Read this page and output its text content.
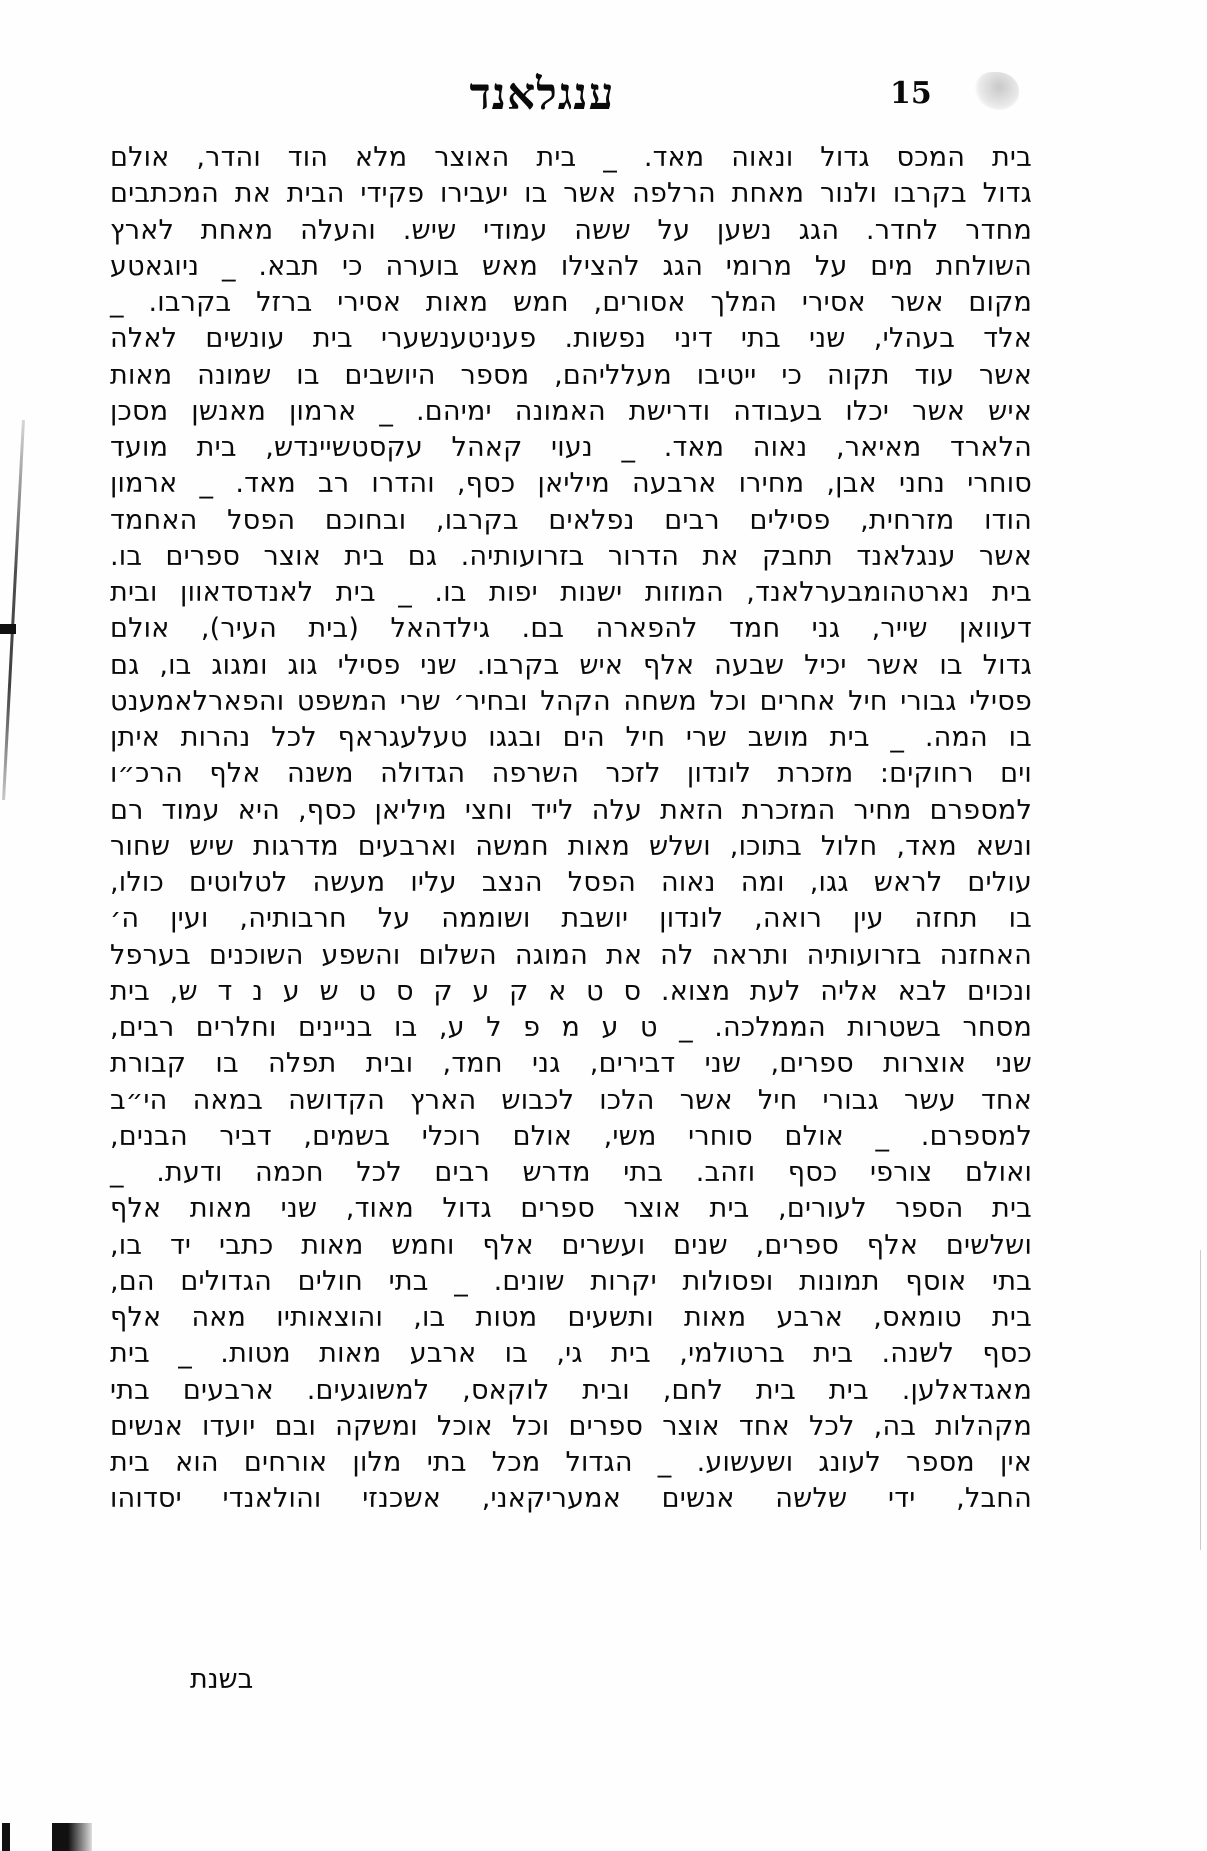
ענגלאנד	15
בית המכס גדול ונאוה מאד. _ בית האוצר מלא הוד והדר, אולם
גדול בקרבו ולנור מאחת הרלפה אשר בו יעבירו פקידי הבית את המכתבים
מחדר לחדר. הגג נשען על ששה עמודי שיש. והעלה מאחת לארץ
השולחת מים על מרומי הגג להצילו מאש בוערה כי תבא. _ ניוגאטע
מקום אשר אסירי המלך אסורים, חמש מאות אסירי ברזל בקרבו. _
אלד בעהלי, שני בתי דיני נפשות. פעניטענשערי בית עונשים לאלה
אשר עוד תקוה כי ייטיבו מעלליהם, מספר היושבים בו שמונה מאות
איש אשר יכלו בעבודה ודרישת האמונה ימיהם. _ ארמון מאנשן מסכן
הלארד מאיאר, נאוה מאד. _ נעוי קאהל עקסטשיינדש, בית מועד
סוחרי נחני אבן, מחירו ארבעה מיליאן כסף, והדרו רב מאד. _ ארמון
הודו מזרחית, פסילים רבים נפלאים בקרבו, ובחוכם הפסל האחמד
אשר ענגלאנד תחבק את הדרור בזרועותיה. גם בית אוצר ספרים בו.
בית נארטהומבערלאנד, המוזות ישנות יפות בו. _ בית לאנדסדאוון ובית
דעוואן שייר, גני חמד להפארה בם. גילדהאל (בית העיר), אולם
גדול בו אשר יכיל שבעה אלף איש בקרבו. שני פסילי גוג ומגוג בו, גם
פסילי גבורי חיל אחרים וכל משחה הקהל ובחיר׳ שרי המשפט והפארלאמענט
בו המה. _ בית מושב שרי חיל הים ובגגו טעלעגראף לכל נהרות איתן
וים רחוקים: מזכרת לונדון לזכר השרפה הגדולה משנה אלף הרכ״ו
למספרם מחיר המזכרת הזאת עלה לייד וחצי מיליאן כסף, היא עמוד רם
ונשא מאד, חלול בתוכו, ושלש מאות חמשה וארבעים מדרגות שיש שחור
עולים לראש גגו, ומה נאוה הפסל הנצב עליו מעשה לטלוטים כולו,
בו תחזה עין רואה, לונדון יושבת ושוממה על חרבותיה, ועין ה׳
האחזנה בזרועותיה ותראה לה את המוגה השלום והשפע השוכנים בערפל
ונכוים לבא אליה לעת מצוא. ס ט א ק ע ק ס ט ש ע נ ד ש, בית
מסחר בשטרות הממלכה. _ ט ע מ פ ל ע, בו בניינים וחלרים רבים,
שני אוצרות ספרים, שני דבירים, גני חמד, ובית תפלה בו קבורת
אחד עשר גבורי חיל אשר הלכו לכבוש הארץ הקדושה במאה הי״ב
למספרם. _ אולם סוחרי משי, אולם רוכלי בשמים, דביר הבנים,
ואולם צורפי כסף וזהב. בתי מדרש רבים לכל חכמה ודעת. _
בית הספר לעורים, בית אוצר ספרים גדול מאוד, שני מאות אלף
ושלשים אלף ספרים, שנים ועשרים אלף וחמש מאות כתבי יד בו,
בתי אוסף תמונות ופסולות יקרות שונים. _ בתי חולים הגדולים הם,
בית טומאס, ארבע מאות ותשעים מטות בו, והוצאותיו מאה אלף
כסף לשנה. בית ברטולמי, בית גי, בו ארבע מאות מטות. _ בית
מאגדאלען. בית בית לחם, ובית לוקאס, למשוגעים. ארבעים בתי
מקהלות בה, לכל אחד אוצר ספרים וכל אוכל ומשקה ובם יועדו אנשים
אין מספר לעונג ושעשוע. _ הגדול מכל בתי מלון אורחים הוא בית
החבל, ידי שלשה אנשים אמעריקאני, אשכנזי והולאנדי יסדוהו
בשנת
